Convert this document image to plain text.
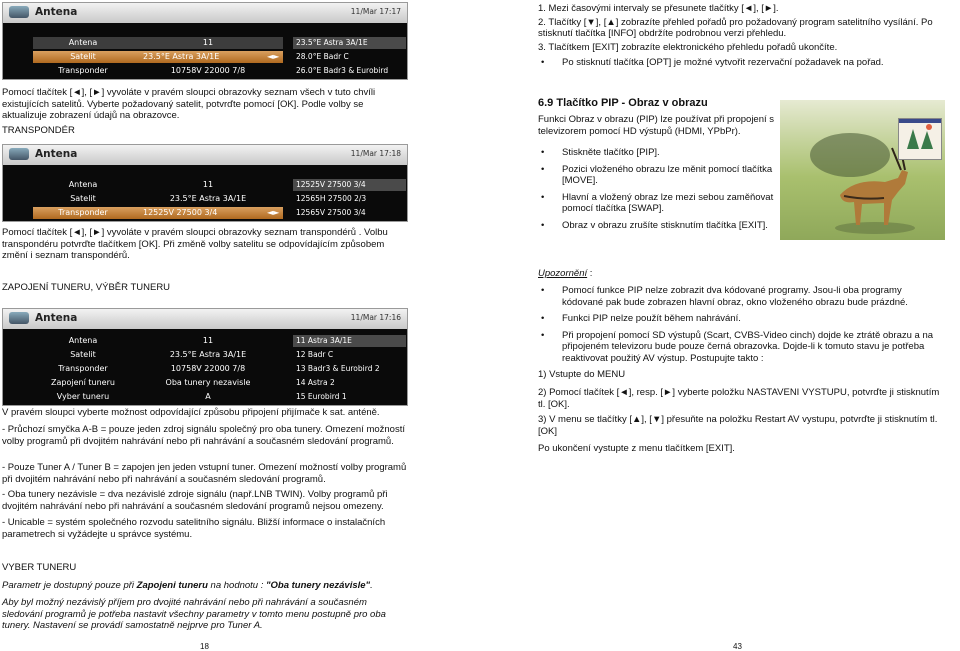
Antena	11/Mar 17:17
Antena	11
Satelit	23.5°E Astra 3A/1E	◄►
Transponder	10758V 22000 7/8
23.5°E Astra 3A/1E
28.0°E Badr C
26.0°E Badr3 & Eurobird

Pomocí tlačítek [◄], [►] vyvoláte v pravém sloupci obrazovky seznam všech v tuto chvíli existujících satelitů. Vyberte požadovaný satelit, potvrďte pomocí [OK]. Podle volby se aktualizuje zobrazení údajů na obrazovce.

TRANSPONDÉR

Antena	11/Mar 17:18
Antena	11
Satelit	23.5°E Astra 3A/1E
Transponder	12525V 27500 3/4	◄►
12525V 27500 3/4
12565H 27500 2/3
12565V 27500 3/4

Pomocí tlačítek [◄], [►] vyvoláte v pravém sloupci obrazovky seznam transpondérů . Volbu transpondéru potvrďte tlačítkem [OK]. Při změně volby satelitu se odpovídajícím způsobem změní i seznam transpondérů.

ZAPOJENÍ TUNERU, VÝBĚR TUNERU

Antena	11/Mar 17:16
Antena	11
Satelit	23.5°E Astra 3A/1E
Transponder	10758V 22000 7/8
Zapojení tuneru	Oba tunery nezavisle
Vyber tuneru	A
11 Astra 3A/1E
12 Badr C
13 Badr3 & Eurobird 2
14 Astra 2
15 Eurobird 1

V pravém sloupci vyberte možnost odpovídající způsobu připojení přijímače k sat. anténě.

- Průchozí smyčka A-B = pouze jeden zdroj signálu společný pro oba tunery. Omezení možností volby programů při dvojitém nahrávání nebo při nahrávání a současném sledování programů.

- Pouze Tuner A / Tuner B = zapojen jen jeden vstupní tuner. Omezení možností volby programů při dvojitém nahrávání nebo při nahrávání a současném sledování programů.

- Oba tunery nezávisle = dva nezávislé zdroje signálu (např.LNB TWIN). Volby programů při dvojitém nahrávání nebo při nahrávání a současném sledování programů nejsou omezeny.

- Unicable = systém společného rozvodu satelitního signálu. Bližší informace o instalačních parametrech si vyžádejte u správce systému.

VYBER TUNERU

Parametr je dostupný pouze při Zapojeni tuneru na hodnotu : "Oba tunery nezávisle".

Aby byl možný nezávislý příjem pro dvojité nahrávání nebo při nahrávání a současném sledování programů je potřeba nastavit všechny parametry v tomto menu postupně pro oba tunery. Nastavení se provádí samostatně nejprve pro Tuner A.

18

1. Mezi časovými intervaly se přesunete tlačítky [◄], [►].

2. Tlačítky [▼], [▲] zobrazíte přehled pořadů pro požadovaný program satelitního vysílání. Po stisknutí tlačítka [INFO] obdržíte podrobnou verzi přehledu.

3. Tlačítkem [EXIT] zobrazíte elektronického přehledu pořadů ukončíte.

• Po stisknutí tlačítka [OPT] je možné vytvořit rezervační požadavek na pořad.

6.9 Tlačítko PIP - Obraz v obrazu

Funkci Obraz v obrazu (PIP) lze používat při propojení s televizorem pomocí HD výstupů (HDMI, YPbPr).

• Stiskněte tlačítko [PIP].
• Pozici vloženého obrazu lze měnit pomocí tlačítka [MOVE].
• Hlavní a vložený obraz lze mezi sebou zaměňovat pomocí tlačítka [SWAP].
• Obraz v obrazu zrušíte stisknutím tlačítka [EXIT].

Upozornění :

• Pomocí funkce PIP nelze zobrazit dva kódované programy. Jsou-li oba programy kódované pak bude zobrazen hlavní obraz, okno vloženého obrazu bude prázdné.
• Funkci PIP nelze použít během nahrávání.
• Při propojení pomocí SD výstupů (Scart, CVBS-Video cinch) dojde ke ztrátě obrazu a na připojeném televizoru bude pouze černá obrazovka. Dojde-li k tomuto stavu je potřeba reaktivovat použitý AV výstup. Postupujte takto :

1) Vstupte do MENU

2) Pomocí tlačítek [◄], resp. [►] vyberte položku NASTAVENI VYSTUPU, potvrďte ji stisknutím tl. [OK].

3) V menu se tlačítky [▲], [▼] přesuňte na položku Restart AV vystupu, potvrďte ji stisknutím tl.[OK]

Po ukončení vystupte z menu tlačítkem [EXIT].

43
